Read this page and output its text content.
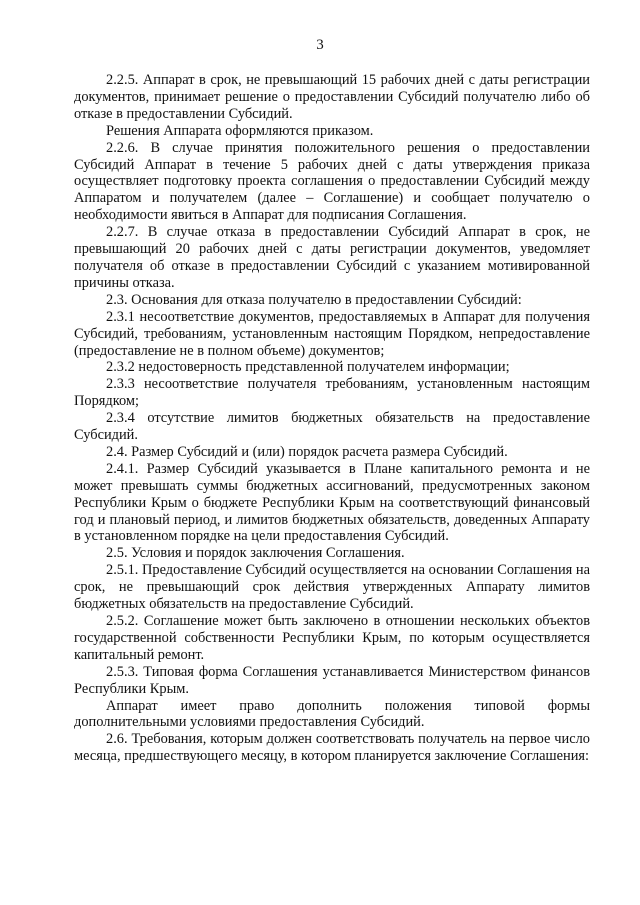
3

2.2.5. Аппарат в срок, не превышающий 15 рабочих дней с даты регистрации документов, принимает решение о предоставлении Субсидий получателю либо об отказе в предоставлении Субсидий.

Решения Аппарата оформляются приказом.

2.2.6. В случае принятия положительного решения о предоставлении Субсидий Аппарат в течение 5 рабочих дней с даты утверждения приказа осуществляет подготовку проекта соглашения о предоставлении Субсидий между Аппаратом и получателем (далее – Соглашение) и сообщает получателю о необходимости явиться в Аппарат для подписания Соглашения.

2.2.7. В случае отказа в предоставлении Субсидий Аппарат в срок, не превышающий 20 рабочих дней с даты регистрации документов, уведомляет получателя об отказе в предоставлении Субсидий с указанием мотивированной причины отказа.

2.3. Основания для отказа получателю в предоставлении Субсидий:

2.3.1 несоответствие документов, предоставляемых в Аппарат для получения Субсидий, требованиям, установленным настоящим Порядком, непредоставление (предоставление не в полном объеме) документов;

2.3.2 недостоверность представленной получателем информации;

2.3.3 несоответствие получателя требованиям, установленным настоящим Порядком;

2.3.4 отсутствие лимитов бюджетных обязательств на предоставление Субсидий.

2.4. Размер Субсидий и (или) порядок расчета размера Субсидий.

2.4.1. Размер Субсидий указывается в Плане капитального ремонта и не может превышать суммы бюджетных ассигнований, предусмотренных законом Республики Крым о бюджете Республики Крым на соответствующий финансовый год и плановый период, и лимитов бюджетных обязательств, доведенных Аппарату в установленном порядке на цели предоставления Субсидий.

2.5. Условия и порядок заключения Соглашения.

2.5.1. Предоставление Субсидий осуществляется на основании Соглашения на срок, не превышающий срок действия утвержденных Аппарату лимитов бюджетных обязательств на предоставление Субсидий.

2.5.2. Соглашение может быть заключено в отношении нескольких объектов государственной собственности Республики Крым, по которым осуществляется капитальный ремонт.

2.5.3. Типовая форма Соглашения устанавливается Министерством финансов Республики Крым.

Аппарат имеет право дополнить положения типовой формы дополнительными условиями предоставления Субсидий.

2.6. Требования, которым должен соответствовать получатель на первое число месяца, предшествующего месяцу, в котором планируется заключение Соглашения:
